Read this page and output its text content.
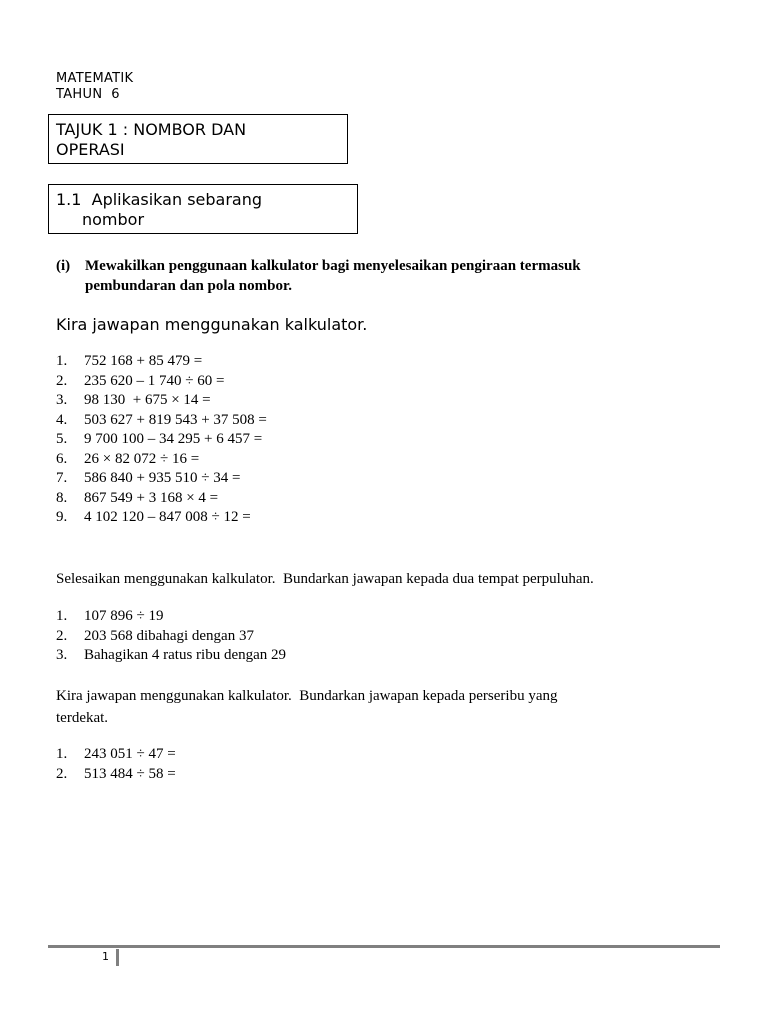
MATEMATIK
TAHUN  6
TAJUK 1 : NOMBOR DAN
OPERASI
1.1  Aplikasikan sebarang
nombor
(i) Mewakilkan penggunaan kalkulator bagi menyelesaikan pengiraan termasuk
pembundaran dan pola nombor.
Kira jawapan menggunakan kalkulator.
1. 752 168 + 85 479 =
2. 235 620 – 1 740 ÷ 60 =
3. 98 130  + 675 × 14 =
4. 503 627 + 819 543 + 37 508 =
5. 9 700 100 – 34 295 + 6 457 =
6. 26 × 82 072 ÷ 16 =
7. 586 840 + 935 510 ÷ 34 =
8. 867 549 + 3 168 × 4 =
9. 4 102 120 – 847 008 ÷ 12 =
Selesaikan menggunakan kalkulator.  Bundarkan jawapan kepada dua tempat perpuluhan.
1. 107 896 ÷ 19
2. 203 568 dibahagi dengan 37
3. Bahagikan 4 ratus ribu dengan 29
Kira jawapan menggunakan kalkulator.  Bundarkan jawapan kepada perseribu yang
terdekat.
1. 243 051 ÷ 47 =
2. 513 484 ÷ 58 =
1
